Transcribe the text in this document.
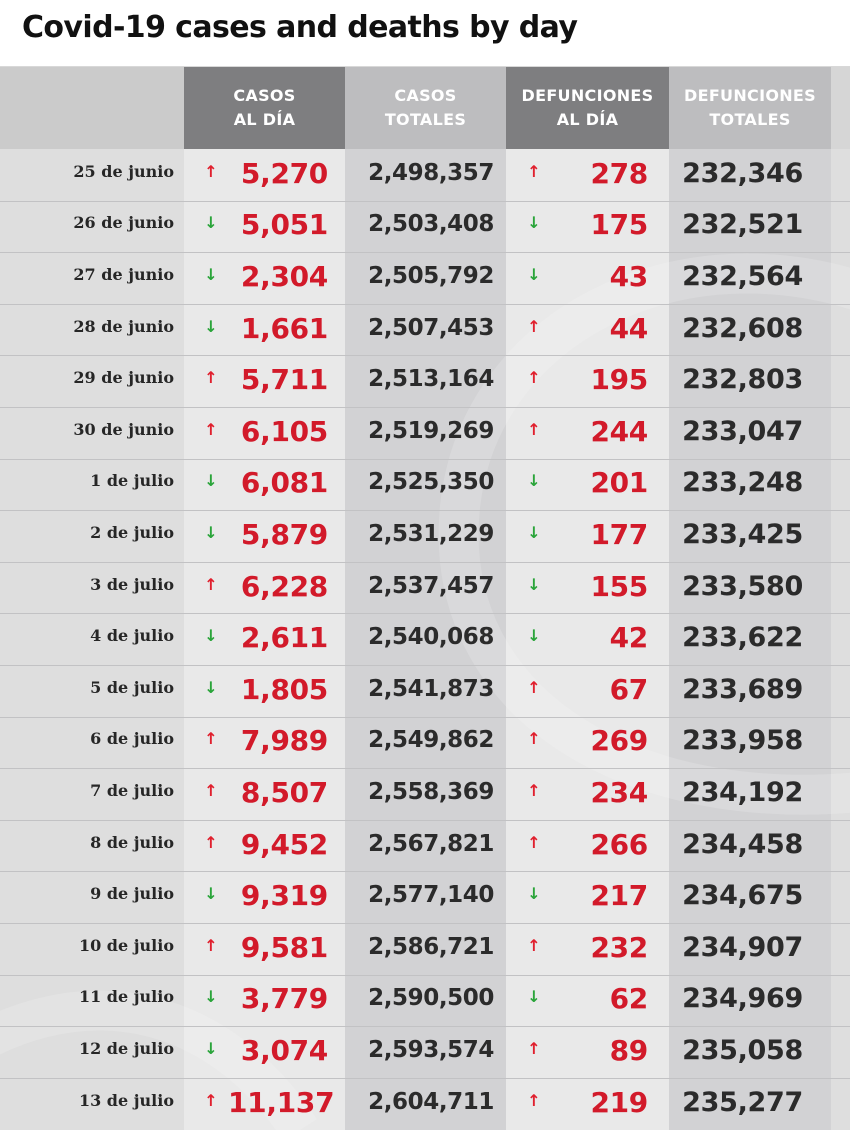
Covid-19 cases and deaths by day
CASOS
AL DÍA
CASOS
TOTALES
DEFUNCIONES
AL DÍA
DEFUNCIONES
TOTALES
25 de junio ↑ 5,270	2,498,357 ↑	278	232,346
26 de junio ↓ 5,051	2,503,408 ↓	175	232,521
27 de junio ↓ 2,304	2,505,792 ↓	43	232,564
28 de junio ↓ 1,661	2,507,453 ↑	44	232,608
29 de junio ↑ 5,711	2,513,164 ↑	195	232,803
30 de junio ↑ 6,105	2,519,269 ↑	244	233,047
1 de julio ↓ 6,081	2,525,350 ↓	201	233,248
2 de julio ↓ 5,879	2,531,229 ↓	177	233,425
3 de julio ↑ 6,228	2,537,457 ↓	155	233,580
4 de julio ↓ 2,611	2,540,068 ↓	42	233,622
5 de julio ↓ 1,805	2,541,873 ↑	67	233,689
6 de julio ↑ 7,989	2,549,862 ↑	269	233,958
7 de julio ↑ 8,507	2,558,369 ↑	234	234,192
8 de julio ↑ 9,452	2,567,821 ↑	266	234,458
9 de julio ↓ 9,319	2,577,140 ↓	217	234,675
10 de julio ↑ 9,581	2,586,721 ↑	232	234,907
11 de julio ↓ 3,779	2,590,500 ↓	62	234,969
12 de julio ↓ 3,074	2,593,574 ↑	89	235,058
13 de julio ↑ 11,137	2,604,711 ↑	219	235,277
